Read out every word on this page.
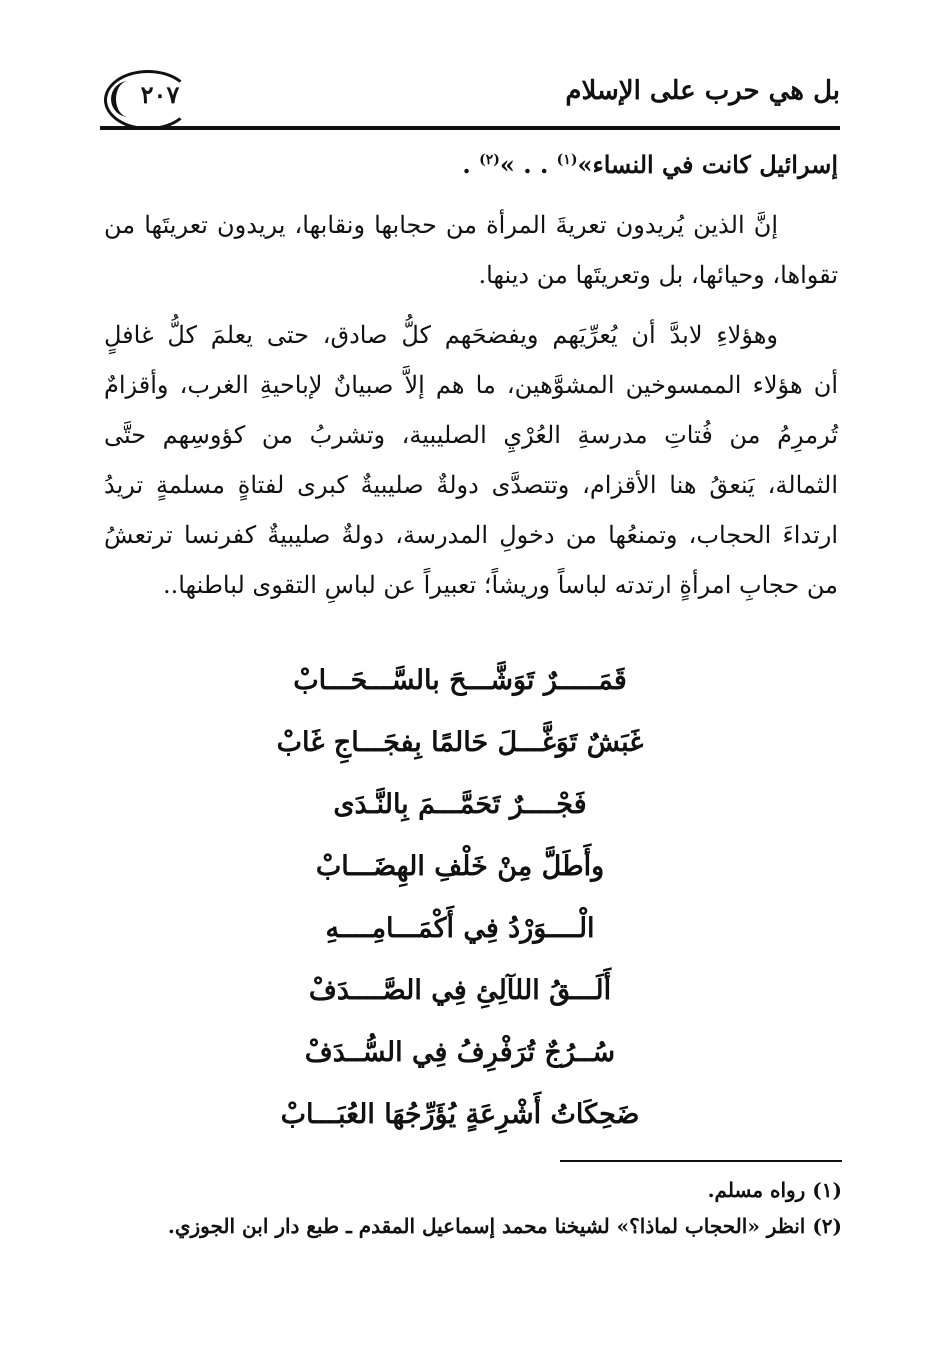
بل هي حرب على الإسلام
٢٠٧
إسرائيل كانت في النساء»$^{(١)}$ . . »$^{(٢)}$ .
إنَّ الذين يُريدون تعريةَ المرأة من حجابها ونقابها، يريدون تعريتَها من
تقواها، وحيائها، بل وتعريتَها من دينها.
وهؤلاءِ لابدَّ أن يُعرِّيَهم ويفضحَهم كلُّ صادق، حتى يعلمَ كلُّ غافلٍ
أن هؤلاء الممسوخين المشوَّهين، ما هم إلاَّ صبيانٌ لإباحيةِ الغرب، وأقزامٌ
تُرمرِمُ من فُتاتِ مدرسةِ العُرْيِ الصليبية، وتشربُ من كؤوسِهم حتَّى
الثمالة، يَنعقُ هنا الأقزام، وتتصدَّى دولةٌ صليبيةٌ كبرى لفتاةٍ مسلمةٍ تريدُ
ارتداءَ الحجاب، وتمنعُها من دخولِ المدرسة، دولةٌ صليبيةٌ كفرنسا ترتعشُ
من حجابِ امرأةٍ ارتدته لباساً وريشاً؛ تعبيراً عن لباسِ التقوى لباطنها..
قَمَـــــرٌ تَوَشَّـــحَ بالسَّـــحَـــابْ
غَبَشٌ تَوَغَّـــلَ حَالمًا بِفجَـــاجِ غَابْ
فَجْــــرٌ تَحَمَّـــمَ بِالنَّـدَى
وأَطَلَّ مِنْ خَلْفِ الهِضَـــابْ
الْــــوَرْدُ فِي أَكْمَـــامِــــهِ
أَلَـــقُ اللآلِئِ فِي الصَّــــدَفْ
سُــرُجٌ تُرَفْرِفُ فِي السُّــدَفْ
ضَحِكَاتُ أَشْرِعَةٍ يُؤَرِّجُهَا العُبَـــابْ
(١) رواه مسلم.
(٢) انظر «الحجاب لماذا؟» لشيخنا محمد إسماعيل المقدم ـ طبع دار ابن الجوزي.
